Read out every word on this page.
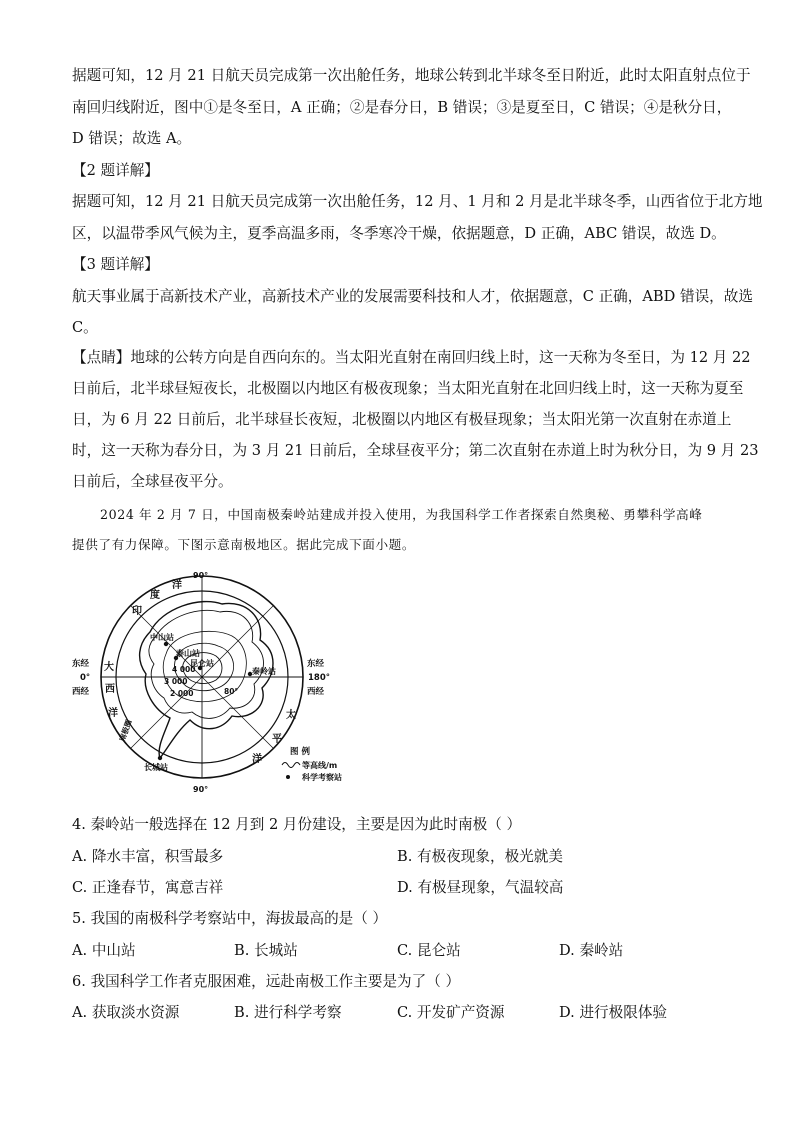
据题可知，12 月 21 日航天员完成第一次出舱任务，地球公转到北半球冬至日附近，此时太阳直射点位于
南回归线附近，图中①是冬至日，A 正确；②是春分日，B 错误；③是夏至日，C 错误；④是秋分日，
D 错误；故选 A。
【2 题详解】
据题可知，12 月 21 日航天员完成第一次出舱任务，12 月、1 月和 2 月是北半球冬季，山西省位于北方地
区，以温带季风气候为主，夏季高温多雨，冬季寒冷干燥，依据题意，D 正确，ABC 错误，故选 D。
【3 题详解】
航天事业属于高新技术产业，高新技术产业的发展需要科技和人才，依据题意，C 正确，ABD 错误，故选
C。
【点睛】地球的公转方向是自西向东的。当太阳光直射在南回归线上时，这一天称为冬至日，为 12 月 22
日前后，北半球昼短夜长，北极圈以内地区有极夜现象；当太阳光直射在北回归线上时，这一天称为夏至
日，为 6 月 22 日前后，北半球昼长夜短，北极圈以内地区有极昼现象；当太阳光第一次直射在赤道上
时，这一天称为春分日，为 3 月 21 日前后，全球昼夜平分；第二次直射在赤道上时为秋分日，为 9 月 23
日前后，全球昼夜平分。
2024 年 2 月 7 日，中国南极秦岭站建成并投入使用，为我国科学工作者探索自然奥秘、勇攀科学高峰
提供了有力保障。下图示意南极地区。据此完成下面小题。
90°
90°
东经
0°
西经
东经
180°
西经
印
度
洋
大
西
洋	太
平
洋
中山站
泰山站
昆仑站
秦岭站
长城站
4 000
3 000
2 000	80°
南极圈
图 例
等高线/m
科学考察站
4. 秦岭站一般选择在 12 月到 2 月份建设，主要是因为此时南极（ ）
A. 降水丰富，积雪最多	B. 有极夜现象，极光就美
C. 正逢春节，寓意吉祥	D. 有极昼现象，气温较高
5. 我国的南极科学考察站中，海拔最高的是（ ）
A. 中山站	B. 长城站	C. 昆仑站	D. 秦岭站
6. 我国科学工作者克服困难，远赴南极工作主要是为了（ ）
A. 获取淡水资源	B. 进行科学考察	C. 开发矿产资源	D. 进行极限体验
